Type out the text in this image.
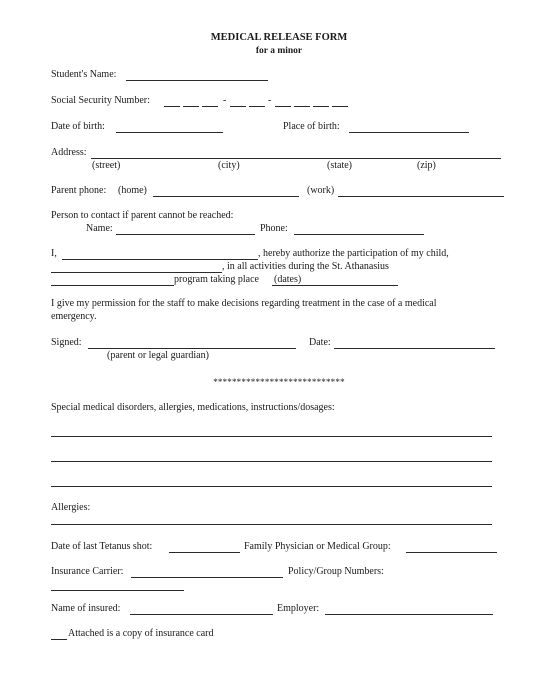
MEDICAL RELEASE FORM
for a minor
Student's Name:
Social Security Number:	-	-
Date of birth:	Place of birth:
Address:
(street)	(city)	(state)	(zip)
Parent phone: (home)	(work)
Person to contact if parent cannot be reached:
Name:	Phone:
I,	, hereby authorize the participation of my child,
, in all activities during the St. Athanasius
program taking place (dates)
I give my permission for the staff to make decisions regarding treatment in the case of a medical
emergency.
Signed:
(parent or legal guardian)
Date:
****************************
Special medical disorders, allergies, medications, instructions/dosages:
Allergies:
Date of last Tetanus shot:	Family Physician or Medical Group:
Insurance Carrier:	Policy/Group Numbers:
Name of insured:	Employer:
Attached is a copy of insurance card
